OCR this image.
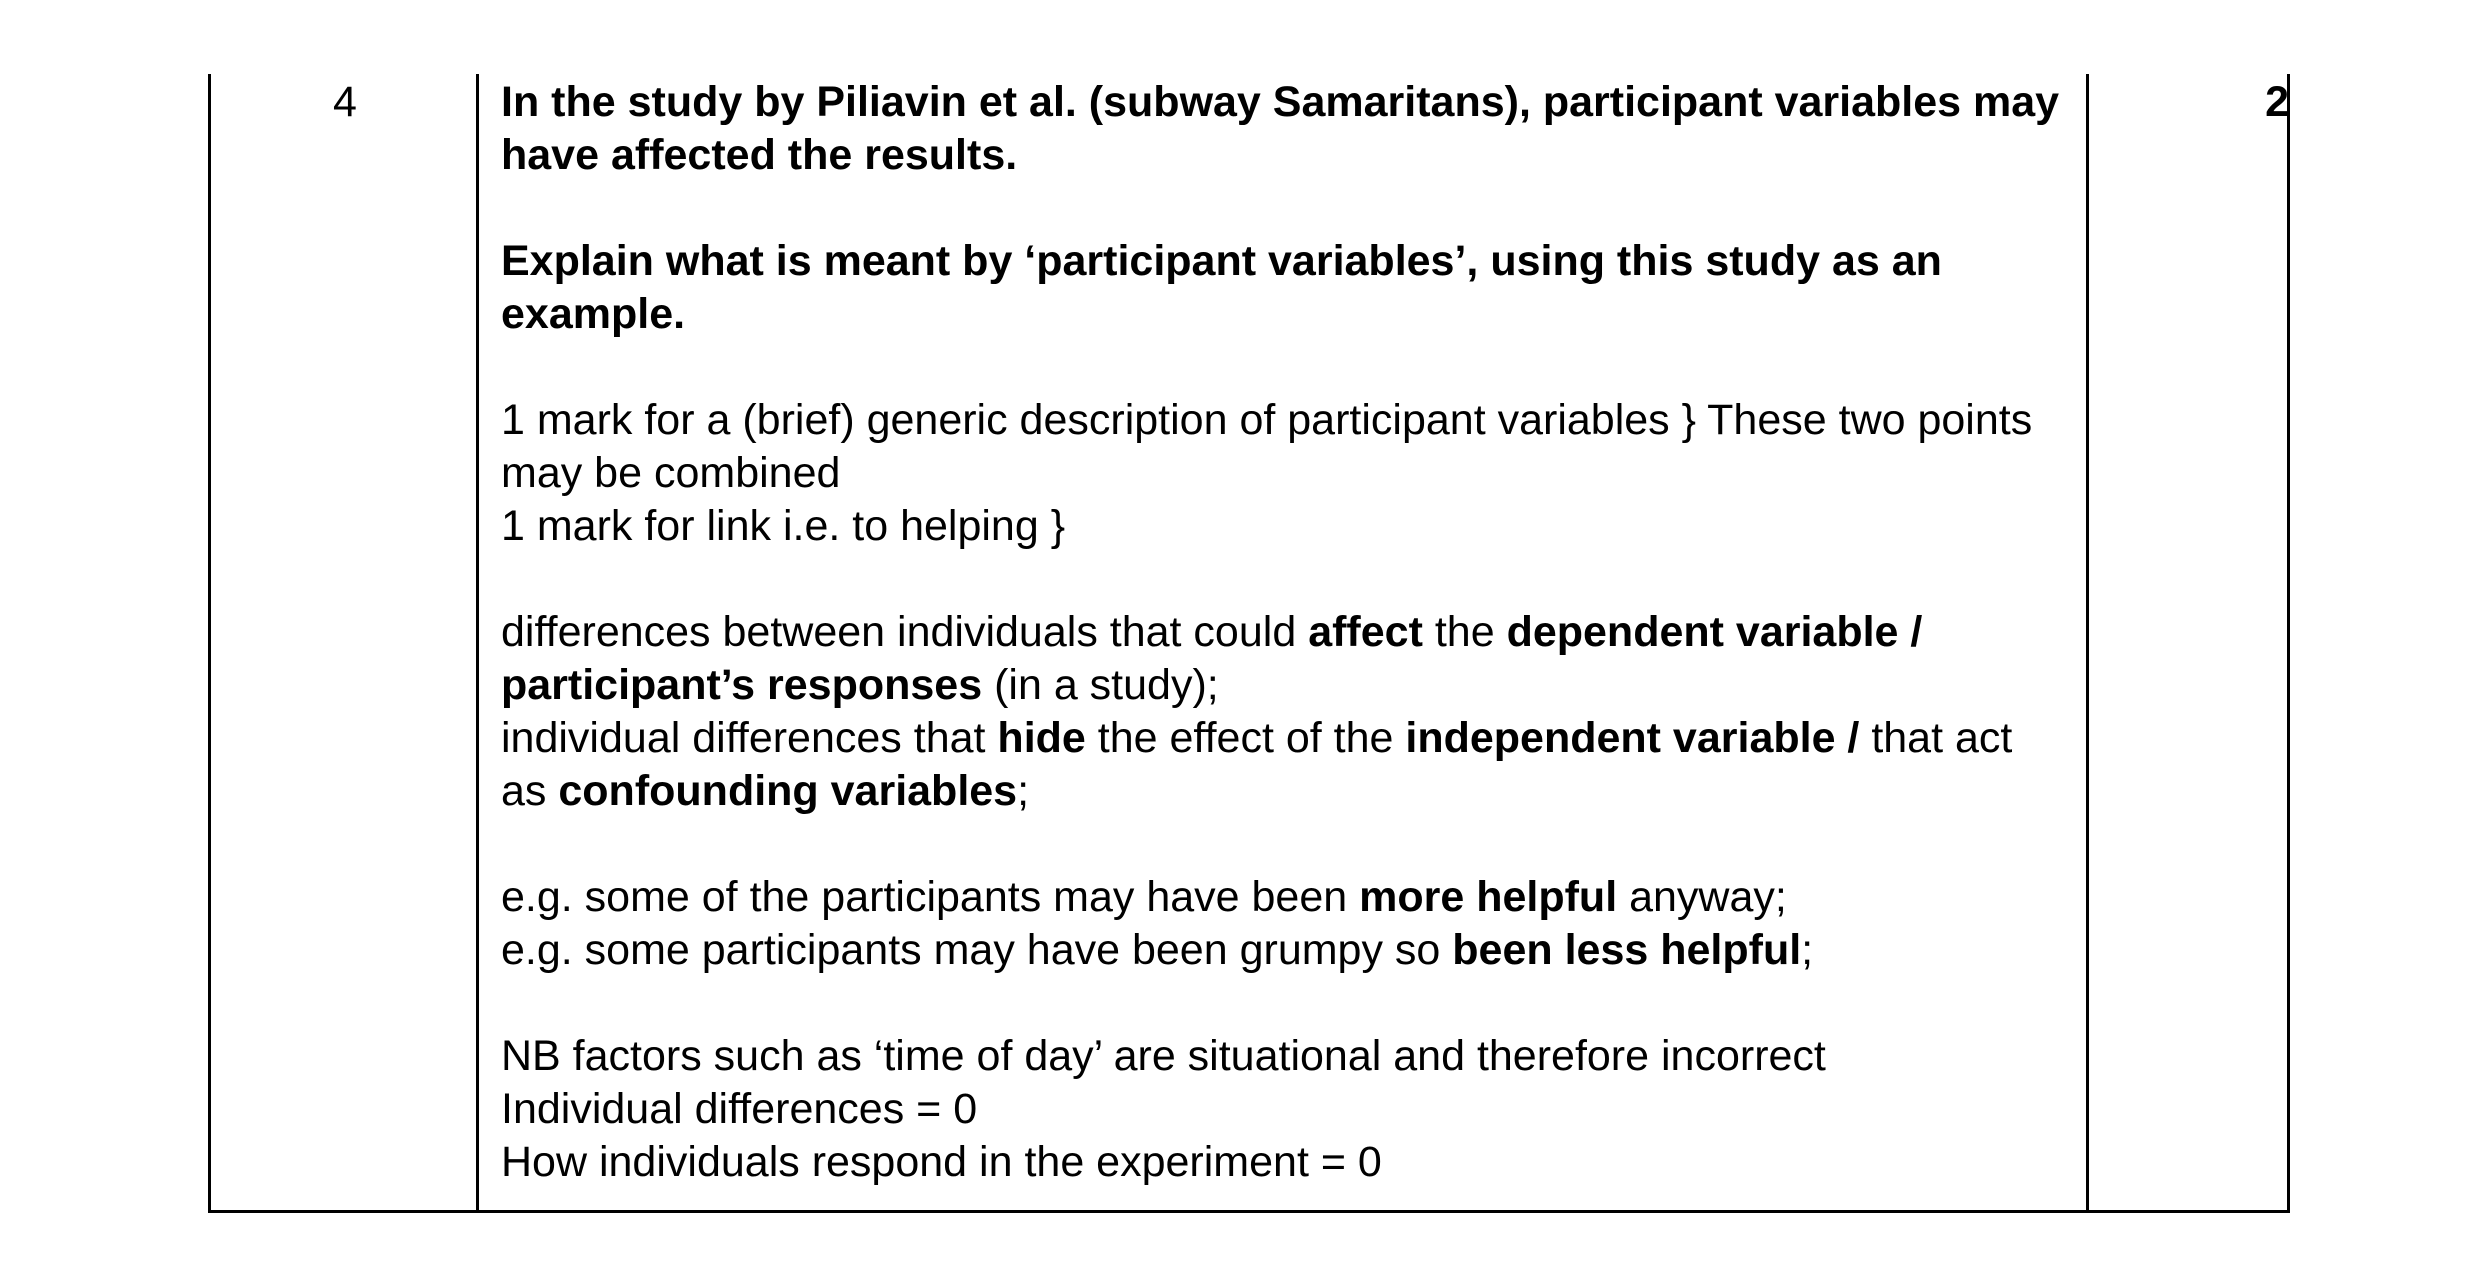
4	In the study by Piliavin et al. (subway Samaritans), participant variables may have affected the results.

Explain what is meant by ‘participant variables’, using this study as an example.

1 mark for a (brief) generic description of participant variables } These two points may be combined
1 mark for link i.e. to helping }

differences between individuals that could affect the dependent variable / participant’s responses (in a study);
individual differences that hide the effect of the independent variable / that act as confounding variables;

e.g. some of the participants may have been more helpful anyway;
e.g. some participants may have been grumpy so been less helpful;

NB factors such as ‘time of day’ are situational and therefore incorrect
Individual differences = 0
How individuals respond in the experiment = 0

2
